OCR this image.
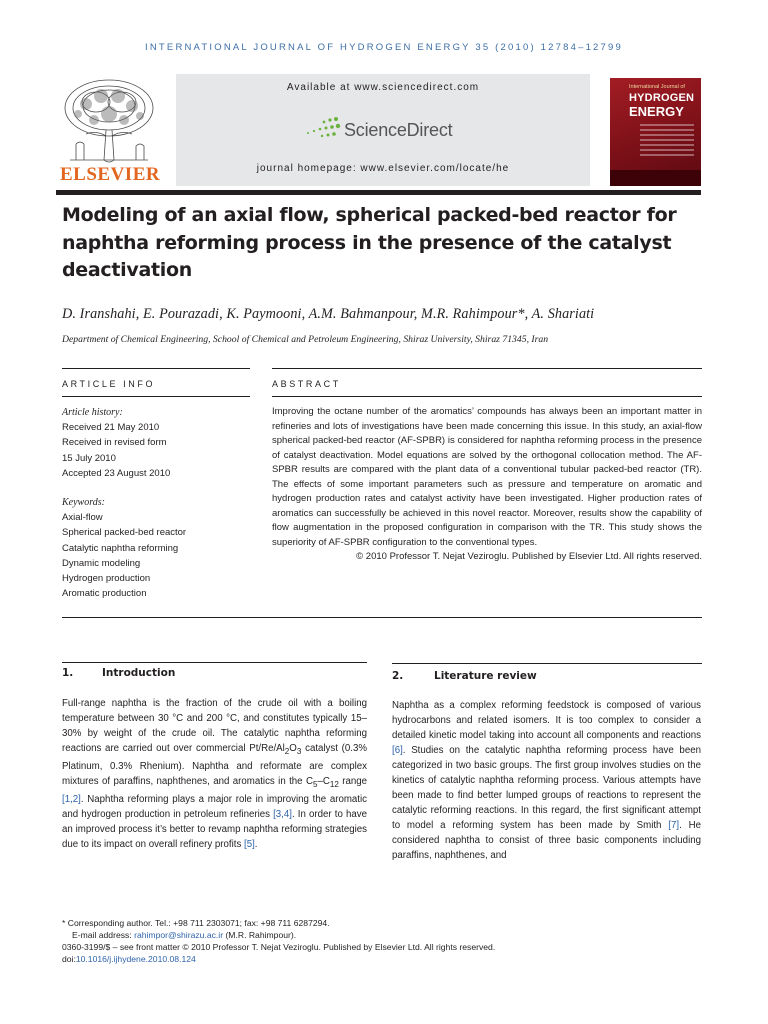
INTERNATIONAL JOURNAL OF HYDROGEN ENERGY 35 (2010) 12784–12799
ELSEVIER
Available at www.sciencedirect.com
ScienceDirect
journal homepage: www.elsevier.com/locate/he
International Journal of
HYDROGEN
ENERGY
Modeling of an axial flow, spherical packed-bed reactor for naphtha reforming process in the presence of the catalyst deactivation
D. Iranshahi, E. Pourazadi, K. Paymooni, A.M. Bahmanpour, M.R. Rahimpour*, A. Shariati
Department of Chemical Engineering, School of Chemical and Petroleum Engineering, Shiraz University, Shiraz 71345, Iran
ARTICLE INFO	ABSTRACT
Article history:
Received 21 May 2010
Received in revised form
15 July 2010
Accepted 23 August 2010
Keywords:
Axial-flow
Spherical packed-bed reactor
Catalytic naphtha reforming
Dynamic modeling
Hydrogen production
Aromatic production
Improving the octane number of the aromatics’ compounds has always been an important matter in refineries and lots of investigations have been made concerning this issue. In this study, an axial-flow spherical packed-bed reactor (AF-SPBR) is considered for naphtha reforming process in the presence of catalyst deactivation. Model equations are solved by the orthogonal collocation method. The AF-SPBR results are compared with the plant data of a conventional tubular packed-bed reactor (TR). The effects of some important parameters such as pressure and temperature on aromatic and hydrogen production rates and catalyst activity have been investigated. Higher production rates of aromatics can successfully be achieved in this novel reactor. Moreover, results show the capability of flow augmentation in the proposed configuration in comparison with the TR. This study shows the superiority of AF-SPBR configuration to the conventional types.
© 2010 Professor T. Nejat Veziroglu. Published by Elsevier Ltd. All rights reserved.
1.	Introduction
Full-range naphtha is the fraction of the crude oil with a boiling temperature between 30 °C and 200 °C, and constitutes typically 15–30% by weight of the crude oil. The catalytic naphtha reforming reactions are carried out over commercial $Pt/Re/Al_2O_3$ catalyst (0.3% Platinum, 0.3% Rhenium). Naphtha and reformate are complex mixtures of paraffins, naphthenes, and aromatics in the $C_5-C_{12}$ range [1,2]. Naphtha reforming plays a major role in improving the aromatic and hydrogen production in petroleum refineries [3,4]. In order to have an improved process it’s better to revamp naphtha reforming strategies due to its impact on overall refinery profits [5].
2.	Literature review
Naphtha as a complex reforming feedstock is composed of various hydrocarbons and related isomers. It is too complex to consider a detailed kinetic model taking into account all components and reactions [6]. Studies on the catalytic naphtha reforming process have been categorized in two basic groups. The first group involves studies on the kinetics of catalytic naphtha reforming process. Various attempts have been made to find better lumped groups of reactions to represent the catalytic reforming reactions. In this regard, the first significant attempt to model a reforming system has been made by Smith [7]. He considered naphtha to consist of three basic components including paraffins, naphthenes, and
* Corresponding author. Tel.: +98 711 2303071; fax: +98 711 6287294.
E-mail address: rahimpor@shirazu.ac.ir (M.R. Rahimpour).
0360-3199/$ – see front matter © 2010 Professor T. Nejat Veziroglu. Published by Elsevier Ltd. All rights reserved.
doi:10.1016/j.ijhydene.2010.08.124
